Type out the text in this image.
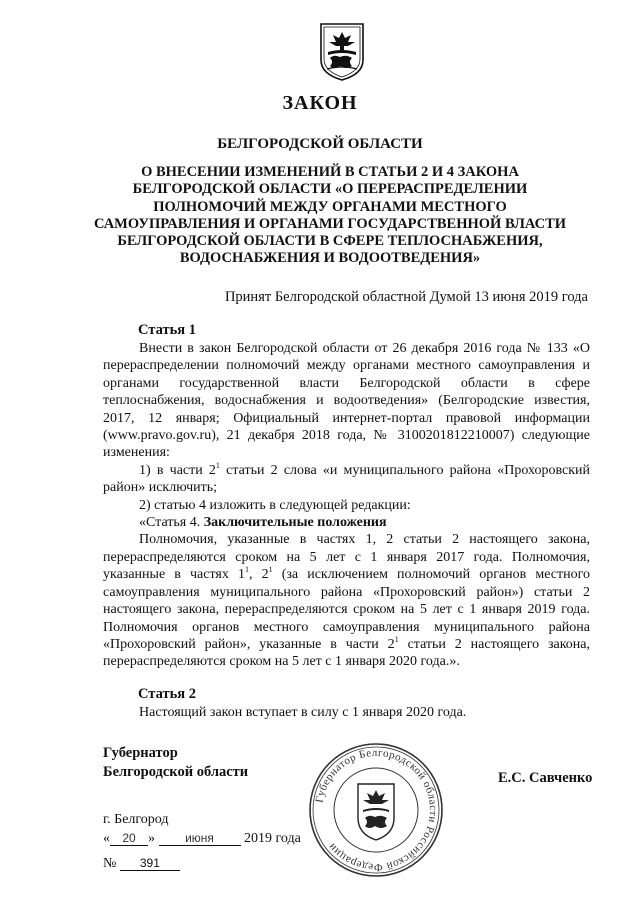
ЗАКОН
БЕЛГОРОДСКОЙ ОБЛАСТИ
О ВНЕСЕНИИ ИЗМЕНЕНИЙ В СТАТЬИ 2 И 4 ЗАКОНА
БЕЛГОРОДСКОЙ ОБЛАСТИ «О ПЕРЕРАСПРЕДЕЛЕНИИ
ПОЛНОМОЧИЙ МЕЖДУ ОРГАНАМИ МЕСТНОГО
САМОУПРАВЛЕНИЯ И ОРГАНАМИ ГОСУДАРСТВЕННОЙ ВЛАСТИ
БЕЛГОРОДСКОЙ ОБЛАСТИ В СФЕРЕ ТЕПЛОСНАБЖЕНИЯ,
ВОДОСНАБЖЕНИЯ И ВОДООТВЕДЕНИЯ»
Принят Белгородской областной Думой 13 июня 2019 года
Статья 1

Внести в закон Белгородской области от 26 декабря 2016 года № 133 «О перераспределении полномочий между органами местного самоуправления и органами государственной власти Белгородской области в сфере теплоснабжения, водоснабжения и водоотведения» (Белгородские известия, 2017, 12 января; Официальный интернет-портал правовой информации (www.pravo.gov.ru), 21 декабря 2018 года, № 3100201812210007) следующие изменения:

1) в части $2^1$ статьи 2 слова «и муниципального района «Прохоровский район» исключить;

2) статью 4 изложить в следующей редакции:

«Статья 4. Заключительные положения

Полномочия, указанные в частях 1, 2 статьи 2 настоящего закона, перераспределяются сроком на 5 лет с 1 января 2017 года. Полномочия, указанные в частях $1^1$, $2^1$ (за исключением полномочий органов местного самоуправления муниципального района «Прохоровский район») статьи 2 настоящего закона, перераспределяются сроком на 5 лет с 1 января 2019 года. Полномочия органов местного самоуправления муниципального района «Прохоровский район», указанные в части $2^1$ статьи 2 настоящего закона, перераспределяются сроком на 5 лет с 1 января 2020 года.».

Статья 2

Настоящий закон вступает в силу с 1 января 2020 года.

Губернатор
Белгородской области
Губернатор Белгородской области Российской Федерации
Е.С. Савченко
г. Белгород
« 20 »	июня 2019 года
№ 391
